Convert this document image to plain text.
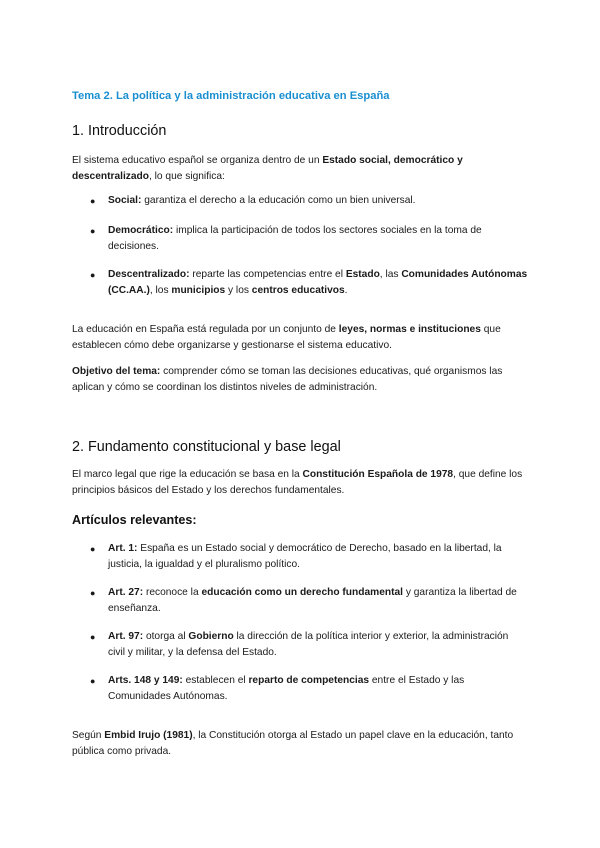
Tema 2. La política y la administración educativa en España
1. Introducción

El sistema educativo español se organiza dentro de un Estado social, democrático y descentralizado, lo que significa:

● Social: garantiza el derecho a la educación como un bien universal.
● Democrático: implica la participación de todos los sectores sociales en la toma de decisiones.
● Descentralizado: reparte las competencias entre el Estado, las Comunidades Autónomas (CC.AA.), los municipios y los centros educativos.

La educación en España está regulada por un conjunto de leyes, normas e instituciones que establecen cómo debe organizarse y gestionarse el sistema educativo.

Objetivo del tema: comprender cómo se toman las decisiones educativas, qué organismos las aplican y cómo se coordinan los distintos niveles de administración.

2. Fundamento constitucional y base legal

El marco legal que rige la educación se basa en la Constitución Española de 1978, que define los principios básicos del Estado y los derechos fundamentales.

Artículos relevantes:
● Art. 1: España es un Estado social y democrático de Derecho, basado en la libertad, la justicia, la igualdad y el pluralismo político.
● Art. 27: reconoce la educación como un derecho fundamental y garantiza la libertad de enseñanza.
● Art. 97: otorga al Gobierno la dirección de la política interior y exterior, la administración civil y militar, y la defensa del Estado.
● Arts. 148 y 149: establecen el reparto de competencias entre el Estado y las Comunidades Autónomas.

Según Embid Irujo (1981), la Constitución otorga al Estado un papel clave en la educación, tanto pública como privada.
